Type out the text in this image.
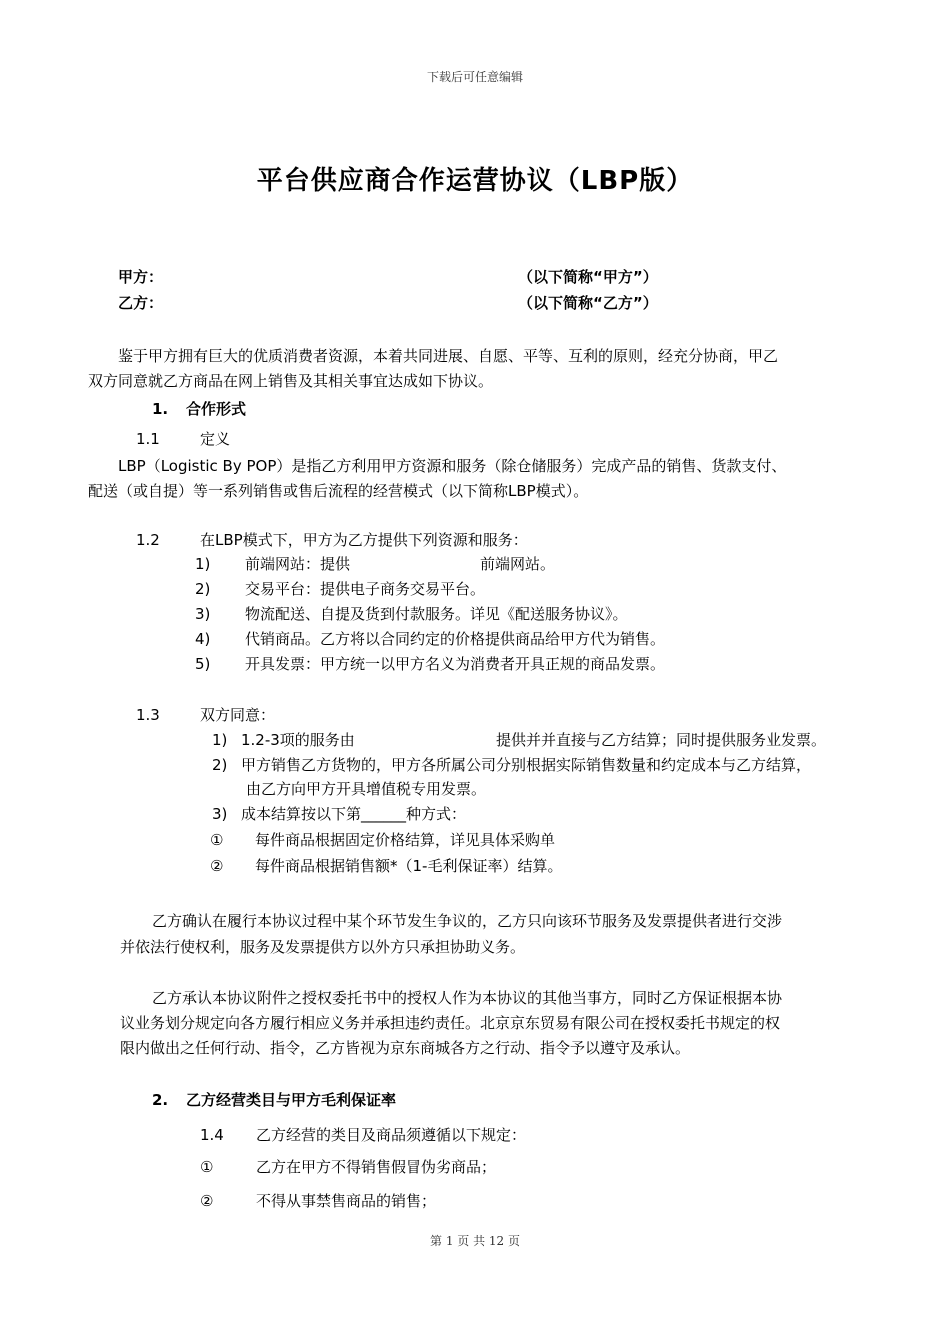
下载后可任意编辑
平台供应商合作运营协议（LBP版）
甲方：	（以下简称“甲方”）
乙方：	（以下简称“乙方”）
鉴于甲方拥有巨大的优质消费者资源，本着共同进展、自愿、平等、互利的原则，经充分协商，甲乙
双方同意就乙方商品在网上销售及其相关事宜达成如下协议。
1. 合作形式
1.1	定义
LBP（Logistic By POP）是指乙方利用甲方资源和服务（除仓储服务）完成产品的销售、货款支付、
配送（或自提）等一系列销售或售后流程的经营模式（以下简称LBP模式）。
1.2	在LBP模式下，甲方为乙方提供下列资源和服务：
1) 前端网站：提供	前端网站。
2) 交易平台：提供电子商务交易平台。
3) 物流配送、自提及货到付款服务。详见《配送服务协议》。
4) 代销商品。乙方将以合同约定的价格提供商品给甲方代为销售。
5) 开具发票：甲方统一以甲方名义为消费者开具正规的商品发票。
1.3	双方同意：
1) 1.2-3项的服务由	提供并并直接与乙方结算；同时提供服务业发票。
2) 甲方销售乙方货物的，甲方各所属公司分别根据实际销售数量和约定成本与乙方结算，
由乙方向甲方开具增值税专用发票。
3) 成本结算按以下第______种方式：
① 每件商品根据固定价格结算，详见具体采购单
② 每件商品根据销售额*（1-毛利保证率）结算。
乙方确认在履行本协议过程中某个环节发生争议的，乙方只向该环节服务及发票提供者进行交涉
并依法行使权利，服务及发票提供方以外方只承担协助义务。
乙方承认本协议附件之授权委托书中的授权人作为本协议的其他当事方，同时乙方保证根据本协
议业务划分规定向各方履行相应义务并承担违约责任。北京京东贸易有限公司在授权委托书规定的权
限内做出之任何行动、指令，乙方皆视为京东商城各方之行动、指令予以遵守及承认。
2. 乙方经营类目与甲方毛利保证率
1.4 乙方经营的类目及商品须遵循以下规定：
①	乙方在甲方不得销售假冒伪劣商品；
②	不得从事禁售商品的销售；
第 1 页 共 12 页
